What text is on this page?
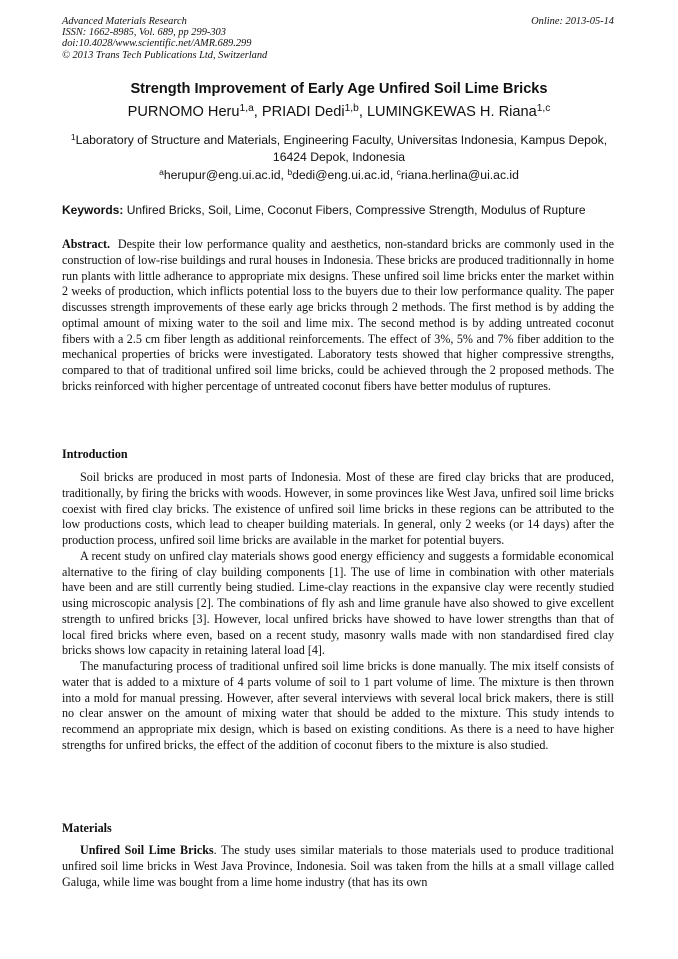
Advanced Materials Research
ISSN: 1662-8985, Vol. 689, pp 299-303
doi:10.4028/www.scientific.net/AMR.689.299
© 2013 Trans Tech Publications Ltd, Switzerland
Online: 2013-05-14
Strength Improvement of Early Age Unfired Soil Lime Bricks
PURNOMO Heru$^{1,a}$, PRIADI Dedi$^{1,b}$, LUMINGKEWAS H. Riana$^{1,c}$
$^1$Laboratory of Structure and Materials, Engineering Faculty, Universitas Indonesia, Kampus Depok, 16424 Depok, Indonesia
$^a$herupur@eng.ui.ac.id, $^b$dedi@eng.ui.ac.id, $^c$riana.herlina@ui.ac.id
Keywords: Unfired Bricks, Soil, Lime, Coconut Fibers, Compressive Strength, Modulus of Rupture
Abstract. Despite their low performance quality and aesthetics, non-standard bricks are commonly used in the construction of low-rise buildings and rural houses in Indonesia. These bricks are produced traditionnally in home run plants with little adherance to appropriate mix designs. These unfired soil lime bricks enter the market within 2 weeks of production, which inflicts potential loss to the buyers due to their low performance quality. The paper discusses strength improvements of these early age bricks through 2 methods. The first method is by adding the optimal amount of mixing water to the soil and lime mix. The second method is by adding untreated coconut fibers with a 2.5 cm fiber length as additional reinforcements. The effect of 3%, 5% and 7% fiber addition to the mechanical properties of bricks were investigated. Laboratory tests showed that higher compressive strengths, compared to that of traditional unfired soil lime bricks, could be achieved through the 2 proposed methods. The bricks reinforced with higher percentage of untreated coconut fibers have better modulus of ruptures.
Introduction

Soil bricks are produced in most parts of Indonesia. Most of these are fired clay bricks that are produced, traditionally, by firing the bricks with woods. However, in some provinces like West Java, unfired soil lime bricks coexist with fired clay bricks. The existence of unfired soil lime bricks in these regions can be attributed to the low productions costs, which lead to cheaper building materials. In general, only 2 weeks (or 14 days) after the production process, unfired soil lime bricks are available in the market for potential buyers.

A recent study on unfired clay materials shows good energy efficiency and suggests a formidable economical alternative to the firing of clay building components [1]. The use of lime in combination with other materials have been and are still currently being studied. Lime-clay reactions in the expansive clay were recently studied using microscopic analysis [2]. The combinations of fly ash and lime granule have also showed to give excellent strength to unfired bricks [3]. However, local unfired bricks have showed to have lower strengths than that of local fired bricks where even, based on a recent study, masonry walls made with non standardised fired clay bricks shows low capacity in retaining lateral load [4].

The manufacturing process of traditional unfired soil lime bricks is done manually. The mix itself consists of water that is added to a mixture of 4 parts volume of soil to 1 part volume of lime. The mixture is then thrown into a mold for manual pressing. However, after several interviews with several local brick makers, there is still no clear answer on the amount of mixing water that should be added to the mixture. This study intends to recommend an appropriate mix design, which is based on existing conditions. As there is a need to have higher strengths for unfired bricks, the effect of the addition of coconut fibers to the mixture is also studied.

Materials

Unfired Soil Lime Bricks. The study uses similar materials to those materials used to produce traditional unfired soil lime bricks in West Java Province, Indonesia. Soil was taken from the hills at a small village called Galuga, while lime was bought from a lime home industry (that has its own
